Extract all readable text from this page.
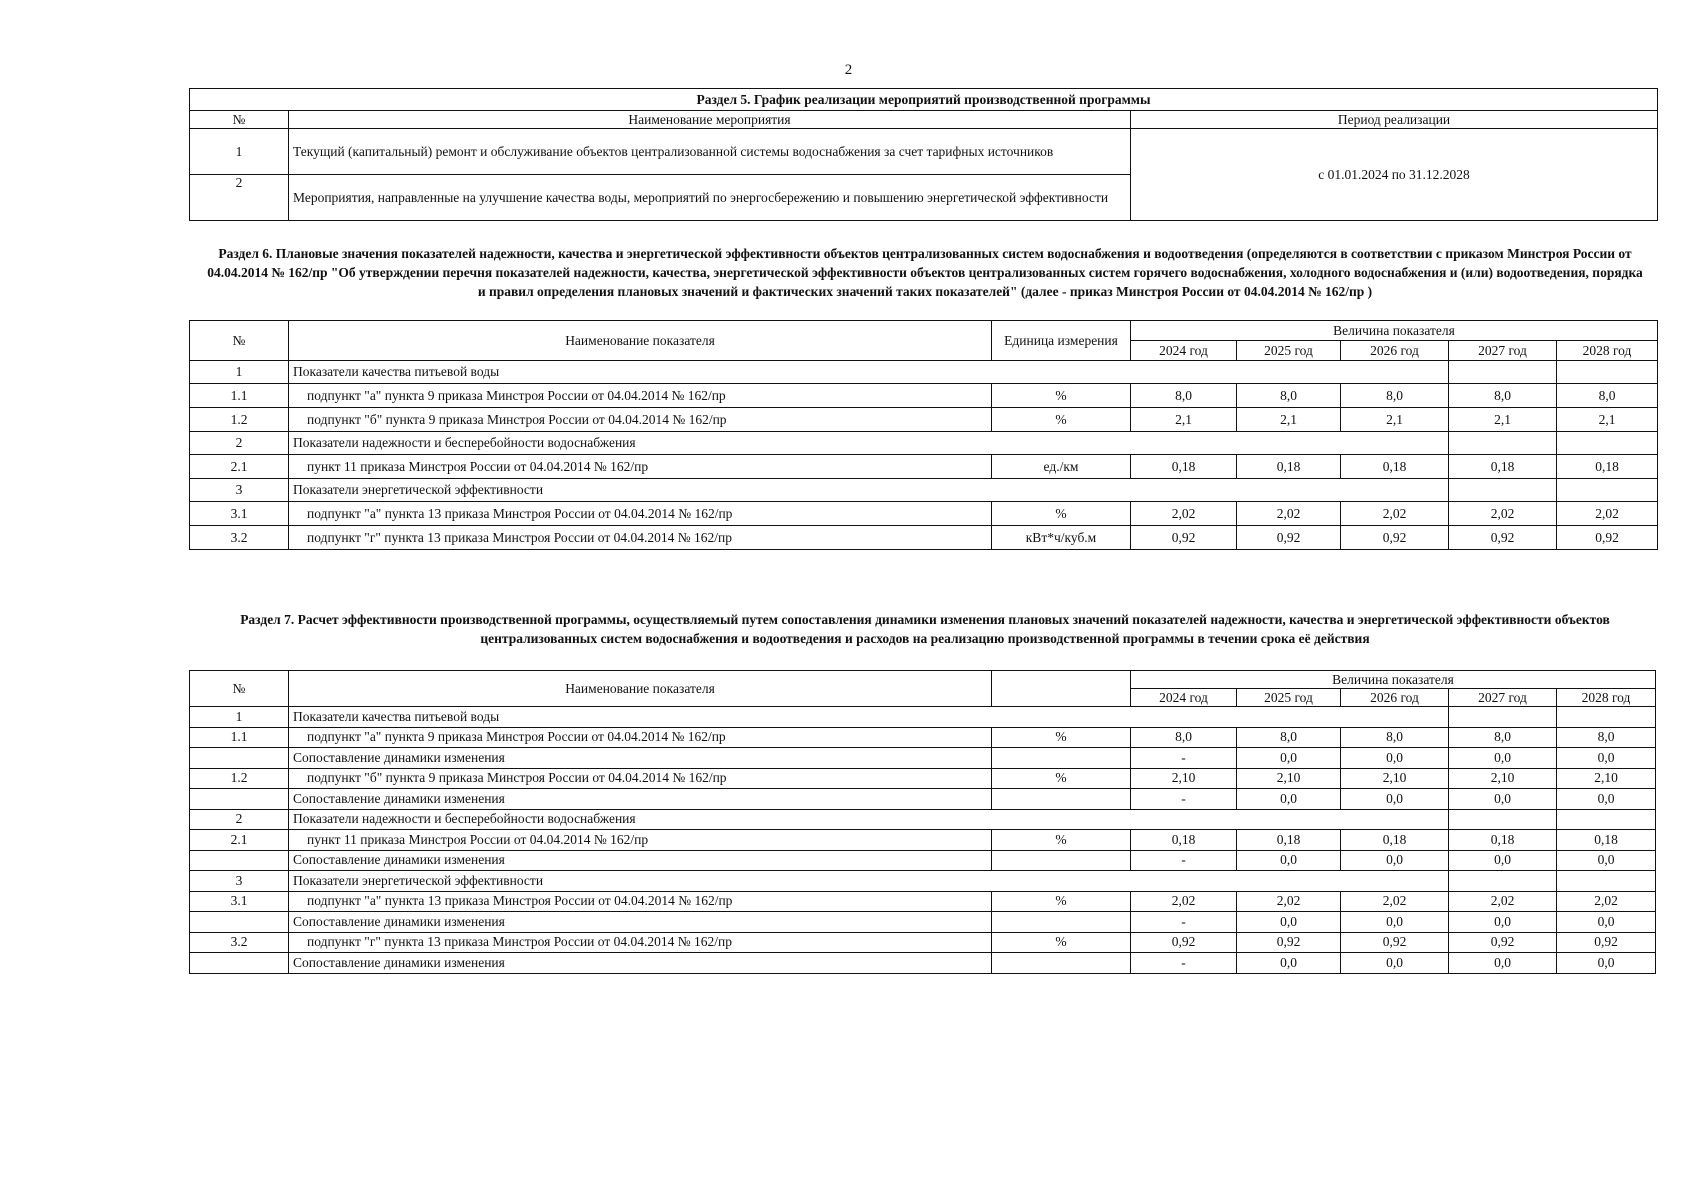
2
Раздел 5. График реализации мероприятий производственной программы		
№	Наименование мероприятия	Период реализации
1	Текущий (капитальный) ремонт и обслуживание объектов централизованной системы водоснабжения за счет тарифных источников	с 01.01.2024 по 31.12.2028
2	Мероприятия, направленные на улучшение качества воды, мероприятий по энергосбережению и повышению энергетической эффективности	
Раздел 6. Плановые значения показателей надежности, качества и энергетической эффективности объектов централизованных систем водоснабжения и водоотведения (определяются в соответствии с приказом Минстроя России от 04.04.2014 № 162/пр "Об утверждении перечня показателей надежности, качества, энергетической эффективности объектов централизованных систем горячего водоснабжения, холодного водоснабжения и (или) водоотведения, порядка и правил определения плановых значений и фактических значений таких показателей" (далее - приказ Минстроя России от 04.04.2014 № 162/пр )
№	Наименование показателя	Единица измерения	Величина показателя				
			2024 год	2025 год	2026 год	2027 год	2028 год
1	Показатели качества питьевой воды						
1.1	подпункт "а" пункта 9 приказа Минстроя России от 04.04.2014 № 162/пр	%	8,0	8,0	8,0	8,0	8,0
1.2	подпункт "б" пункта 9 приказа Минстроя России от 04.04.2014 № 162/пр	%	2,1	2,1	2,1	2,1	2,1
2	Показатели надежности и бесперебойности водоснабжения						
2.1	пункт 11 приказа Минстроя России от 04.04.2014 № 162/пр	ед./км	0,18	0,18	0,18	0,18	0,18
3	Показатели энергетической эффективности						
3.1	подпункт "а" пункта 13 приказа Минстроя России от 04.04.2014 № 162/пр	%	2,02	2,02	2,02	2,02	2,02
3.2	подпункт "г" пункта 13 приказа Минстроя России от 04.04.2014 № 162/пр	кВт*ч/куб.м	0,92	0,92	0,92	0,92	0,92

Раздел 7. Расчет эффективности производственной программы, осуществляемый путем сопоставления динамики изменения плановых значений показателей надежности, качества и энергетической эффективности объектов централизованных систем водоснабжения и водоотведения и расходов на реализацию производственной программы в течении срока её действия
№	Наименование показателя		Величина показателя				
			2024 год	2025 год	2026 год	2027 год	2028 год
1	Показатели качества питьевой воды						
1.1	подпункт "а" пункта 9 приказа Минстроя России от 04.04.2014 № 162/пр	%	8,0	8,0	8,0	8,0	8,0
	Сопоставление динамики изменения		-	0,0	0,0	0,0	0,0
1.2	подпункт "б" пункта 9 приказа Минстроя России от 04.04.2014 № 162/пр	%	2,10	2,10	2,10	2,10	2,10
	Сопоставление динамики изменения		-	0,0	0,0	0,0	0,0
2	Показатели надежности и бесперебойности водоснабжения						
2.1	пункт 11 приказа Минстроя России от 04.04.2014 № 162/пр	%	0,18	0,18	0,18	0,18	0,18
	Сопоставление динамики изменения		-	0,0	0,0	0,0	0,0
3	Показатели энергетической эффективности						
3.1	подпункт "а" пункта 13 приказа Минстроя России от 04.04.2014 № 162/пр	%	2,02	2,02	2,02	2,02	2,02
	Сопоставление динамики изменения		-	0,0	0,0	0,0	0,0
3.2	подпункт "г" пункта 13 приказа Минстроя России от 04.04.2014 № 162/пр	%	0,92	0,92	0,92	0,92	0,92
	Сопоставление динамики изменения		-	0,0	0,0	0,0	0,0
